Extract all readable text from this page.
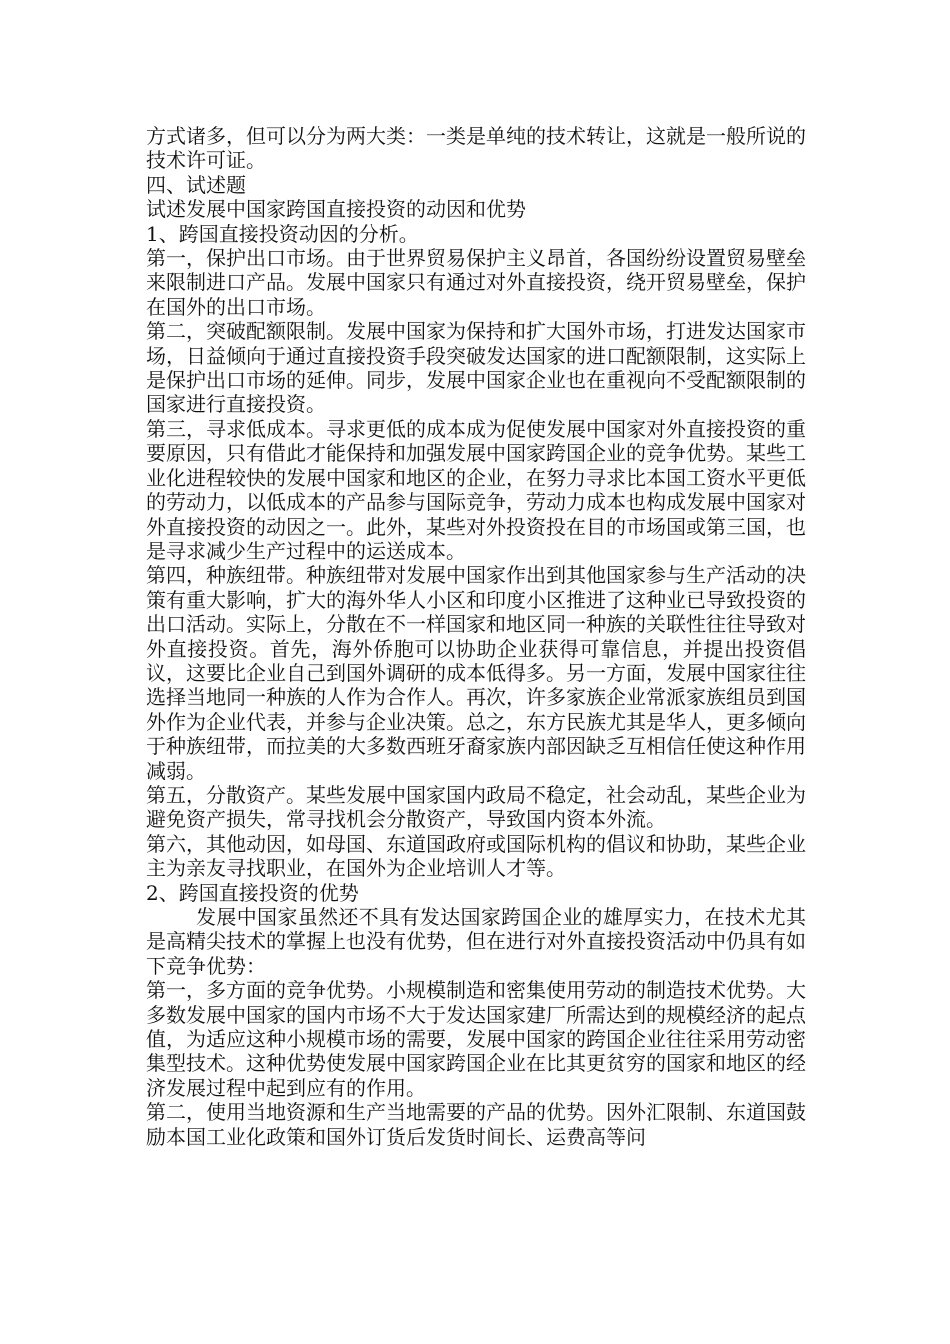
方式诸多，但可以分为两大类：一类是单纯的技术转让，这就是一般所说的技术许可证。

四、试述题

试述发展中国家跨国直接投资的动因和优势

1、跨国直接投资动因的分析。

第一，保护出口市场。由于世界贸易保护主义昂首，各国纷纷设置贸易壁垒来限制进口产品。发展中国家只有通过对外直接投资，绕开贸易壁垒，保护在国外的出口市场。

第二，突破配额限制。发展中国家为保持和扩大国外市场，打进发达国家市场，日益倾向于通过直接投资手段突破发达国家的进口配额限制，这实际上是保护出口市场的延伸。同步，发展中国家企业也在重视向不受配额限制的国家进行直接投资。

第三，寻求低成本。寻求更低的成本成为促使发展中国家对外直接投资的重要原因，只有借此才能保持和加强发展中国家跨国企业的竞争优势。某些工业化进程较快的发展中国家和地区的企业，在努力寻求比本国工资水平更低的劳动力，以低成本的产品参与国际竞争，劳动力成本也构成发展中国家对外直接投资的动因之一。此外，某些对外投资投在目的市场国或第三国，也是寻求减少生产过程中的运送成本。

第四，种族纽带。种族纽带对发展中国家作出到其他国家参与生产活动的决策有重大影响，扩大的海外华人小区和印度小区推进了这种业已导致投资的出口活动。实际上，分散在不一样国家和地区同一种族的关联性往往导致对外直接投资。首先，海外侨胞可以协助企业获得可靠信息，并提出投资倡议，这要比企业自己到国外调研的成本低得多。另一方面，发展中国家往往选择当地同一种族的人作为合作人。再次，许多家族企业常派家族组员到国外作为企业代表，并参与企业决策。总之，东方民族尤其是华人，更多倾向于种族纽带，而拉美的大多数西班牙裔家族内部因缺乏互相信任使这种作用减弱。

第五，分散资产。某些发展中国家国内政局不稳定，社会动乱，某些企业为避免资产损失，常寻找机会分散资产，导致国内资本外流。

第六，其他动因，如母国、东道国政府或国际机构的倡议和协助，某些企业主为亲友寻找职业，在国外为企业培训人才等。

2、跨国直接投资的优势

发展中国家虽然还不具有发达国家跨国企业的雄厚实力，在技术尤其是高精尖技术的掌握上也没有优势，但在进行对外直接投资活动中仍具有如下竞争优势：

第一，多方面的竞争优势。小规模制造和密集使用劳动的制造技术优势。大多数发展中国家的国内市场不大于发达国家建厂所需达到的规模经济的起点值，为适应这种小规模市场的需要，发展中国家的跨国企业往往采用劳动密集型技术。这种优势使发展中国家跨国企业在比其更贫穷的国家和地区的经济发展过程中起到应有的作用。

第二，使用当地资源和生产当地需要的产品的优势。因外汇限制、东道国鼓励本国工业化政策和国外订货后发货时间长、运费高等问
